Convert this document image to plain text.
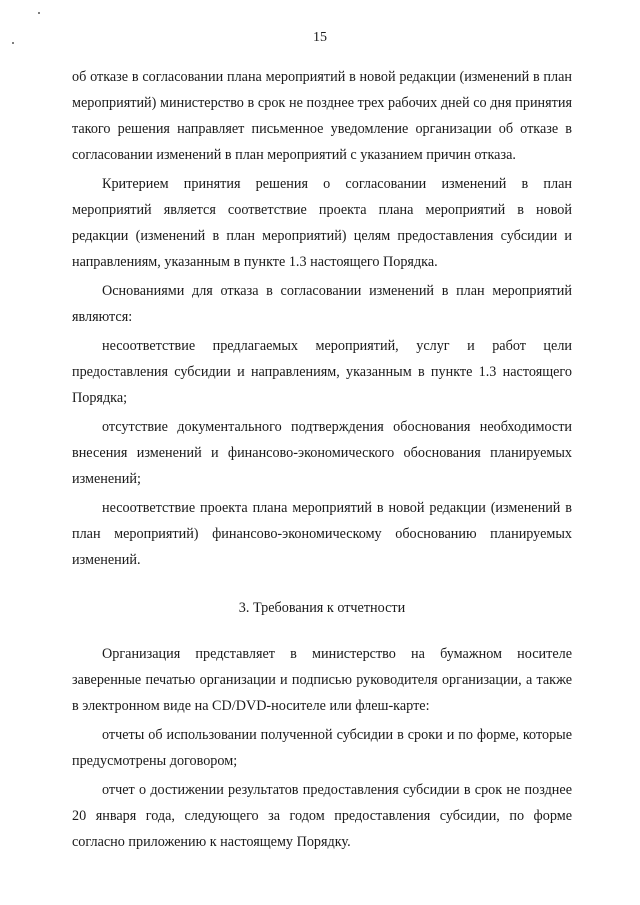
15

об отказе в согласовании плана мероприятий в новой редакции (изменений в план мероприятий) министерство в срок не позднее трех рабочих дней со дня принятия такого решения направляет письменное уведомление организации об отказе в согласовании изменений в план мероприятий с указанием причин отказа.

Критерием принятия решения о согласовании изменений в план мероприятий является соответствие проекта плана мероприятий в новой редакции (изменений в план мероприятий) целям предоставления субсидии и направлениям, указанным в пункте 1.3 настоящего Порядка.

Основаниями для отказа в согласовании изменений в план мероприятий являются:

несоответствие предлагаемых мероприятий, услуг и работ цели предоставления субсидии и направлениям, указанным в пункте 1.3 настоящего Порядка;

отсутствие документального подтверждения обоснования необходимости внесения изменений и финансово-экономического обоснования планируемых изменений;

несоответствие проекта плана мероприятий в новой редакции (изменений в план мероприятий) финансово-экономическому обоснованию планируемых изменений.

3. Требования к отчетности

Организация представляет в министерство на бумажном носителе заверенные печатью организации и подписью руководителя организации, а также в электронном виде на CD/DVD-носителе или флеш-карте:

отчеты об использовании полученной субсидии в сроки и по форме, которые предусмотрены договором;

отчет о достижении результатов предоставления субсидии в срок не позднее 20 января года, следующего за годом предоставления субсидии, по форме согласно приложению к настоящему Порядку.
